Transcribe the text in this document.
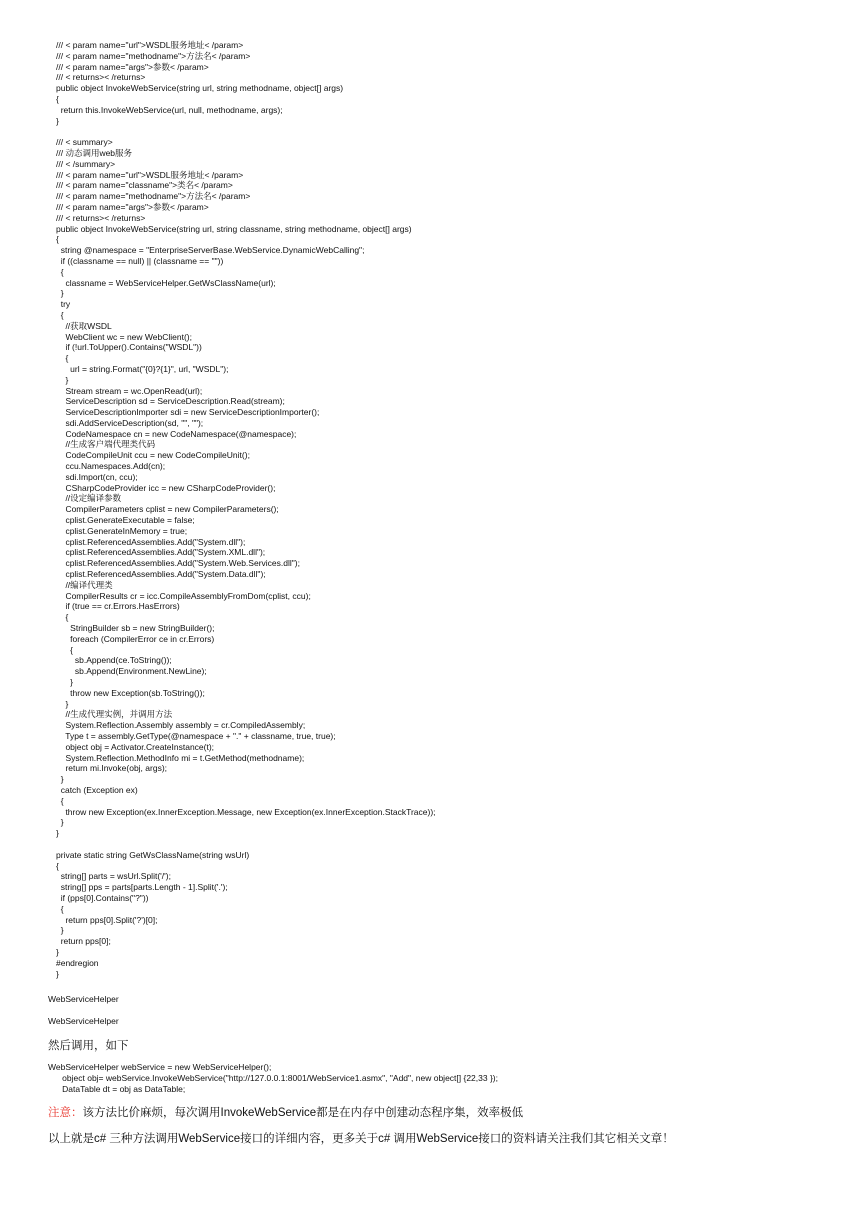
/// < param name="url">WSDL服务地址< /param>
/// < param name="methodname">方法名< /param>
/// < param name="args">参数< /param>
/// < returns>< /returns>
public object InvokeWebService(string url, string methodname, object[] args)
{
return this.InvokeWebService(url, null, methodname, args);
}
/// < summary>
/// 动态调用web服务
/// < /summary>
/// < param name="url">WSDL服务地址< /param>
/// < param name="classname">类名< /param>
/// < param name="methodname">方法名< /param>
/// < param name="args">参数< /param>
/// < returns>< /returns>
public object InvokeWebService(string url, string classname, string methodname, object[] args)
{
string @namespace = "EnterpriseServerBase.WebService.DynamicWebCalling";
if ((classname == null) || (classname == ""))
{
classname = WebServiceHelper.GetWsClassName(url);
}
try
{
//获取WSDL
WebClient wc = new WebClient();
if (!url.ToUpper().Contains("WSDL"))
{
url = string.Format("{0}?{1}", url, "WSDL");
}
Stream stream = wc.OpenRead(url);
ServiceDescription sd = ServiceDescription.Read(stream);
ServiceDescriptionImporter sdi = new ServiceDescriptionImporter();
sdi.AddServiceDescription(sd, "", "");
CodeNamespace cn = new CodeNamespace(@namespace);
//生成客户端代理类代码
CodeCompileUnit ccu = new CodeCompileUnit();
ccu.Namespaces.Add(cn);
sdi.Import(cn, ccu);
CSharpCodeProvider icc = new CSharpCodeProvider();
//设定编译参数
CompilerParameters cplist = new CompilerParameters();
cplist.GenerateExecutable = false;
cplist.GenerateInMemory = true;
cplist.ReferencedAssemblies.Add("System.dll");
cplist.ReferencedAssemblies.Add("System.XML.dll");
cplist.ReferencedAssemblies.Add("System.Web.Services.dll");
cplist.ReferencedAssemblies.Add("System.Data.dll");
//编译代理类
CompilerResults cr = icc.CompileAssemblyFromDom(cplist, ccu);
if (true == cr.Errors.HasErrors)
{
StringBuilder sb = new StringBuilder();
foreach (CompilerError ce in cr.Errors)
{
sb.Append(ce.ToString());
sb.Append(Environment.NewLine);
}
throw new Exception(sb.ToString());
}
//生成代理实例，并调用方法
System.Reflection.Assembly assembly = cr.CompiledAssembly;
Type t = assembly.GetType(@namespace + "." + classname, true, true);
object obj = Activator.CreateInstance(t);
System.Reflection.MethodInfo mi = t.GetMethod(methodname);
return mi.Invoke(obj, args);
}
catch (Exception ex)
{
throw new Exception(ex.InnerException.Message, new Exception(ex.InnerException.StackTrace));
}
}
private static string GetWsClassName(string wsUrl)
{
string[] parts = wsUrl.Split('/');
string[] pps = parts[parts.Length - 1].Split('.');
if (pps[0].Contains("?"))
{
return pps[0].Split('?')[0];
}
return pps[0];
}
#endregion
}
WebServiceHelper
WebServiceHelper
然后调用，如下
WebServiceHelper webService = new WebServiceHelper();
object obj= webService.InvokeWebService("http://127.0.0.1:8001/WebService1.asmx", "Add", new object[] {22,33 });
DataTable dt = obj as DataTable;
注意：该方法比价麻烦，每次调用InvokeWebService都是在内存中创建动态程序集，效率极低
以上就是c# 三种方法调用WebService接口的详细内容，更多关于c# 调用WebService接口的资料请关注我们其它相关文章！
